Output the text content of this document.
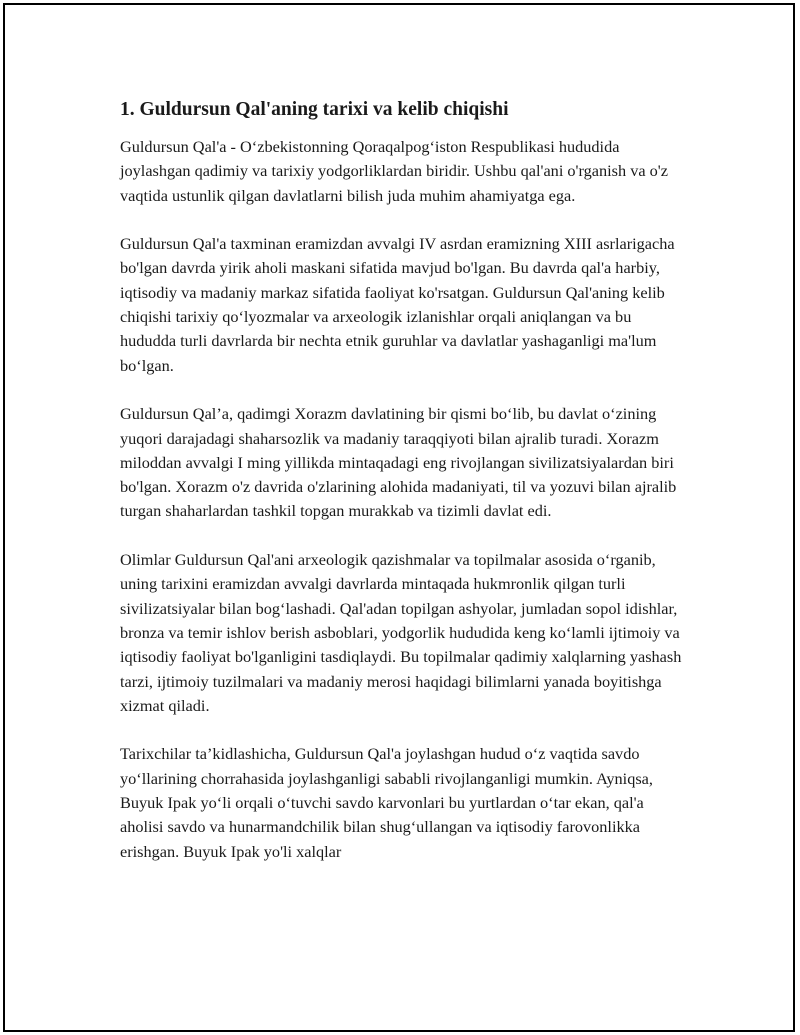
1. Guldursun Qal'aning tarixi va kelib chiqishi

Guldursun Qal'a - O‘zbekistonning Qoraqalpog‘iston Respublikasi hududida joylashgan qadimiy va tarixiy yodgorliklardan biridir. Ushbu qal'ani o'rganish va o'z vaqtida ustunlik qilgan davlatlarni bilish juda muhim ahamiyatga ega.

Guldursun Qal'a taxminan eramizdan avvalgi IV asrdan eramizning XIII asrlarigacha bo'lgan davrda yirik aholi maskani sifatida mavjud bo'lgan. Bu davrda qal'a harbiy, iqtisodiy va madaniy markaz sifatida faoliyat ko'rsatgan. Guldursun Qal'aning kelib chiqishi tarixiy qo‘lyozmalar va arxeologik izlanishlar orqali aniqlangan va bu hududda turli davrlarda bir nechta etnik guruhlar va davlatlar yashaganligi ma'lum bo‘lgan.

Guldursun Qal’a, qadimgi Xorazm davlatining bir qismi bo‘lib, bu davlat o‘zining yuqori darajadagi shaharsozlik va madaniy taraqqiyoti bilan ajralib turadi. Xorazm miloddan avvalgi I ming yillikda mintaqadagi eng rivojlangan sivilizatsiyalardan biri bo'lgan. Xorazm o'z davrida o'zlarining alohida madaniyati, til va yozuvi bilan ajralib turgan shaharlardan tashkil topgan murakkab va tizimli davlat edi.

Olimlar Guldursun Qal'ani arxeologik qazishmalar va topilmalar asosida o‘rganib, uning tarixini eramizdan avvalgi davrlarda mintaqada hukmronlik qilgan turli sivilizatsiyalar bilan bog‘lashadi. Qal'adan topilgan ashyolar, jumladan sopol idishlar, bronza va temir ishlov berish asboblari, yodgorlik hududida keng ko‘lamli ijtimoiy va iqtisodiy faoliyat bo'lganligini tasdiqlaydi. Bu topilmalar qadimiy xalqlarning yashash tarzi, ijtimoiy tuzilmalari va madaniy merosi haqidagi bilimlarni yanada boyitishga xizmat qiladi.

Tarixchilar ta’kidlashicha, Guldursun Qal'a joylashgan hudud o‘z vaqtida savdo yo‘llarining chorrahasida joylashganligi sababli rivojlanganligi mumkin. Ayniqsa, Buyuk Ipak yo‘li orqali o‘tuvchi savdo karvonlari bu yurtlardan o‘tar ekan, qal'a aholisi savdo va hunarmandchilik bilan shug‘ullangan va iqtisodiy farovonlikka erishgan. Buyuk Ipak yo'li xalqlar
